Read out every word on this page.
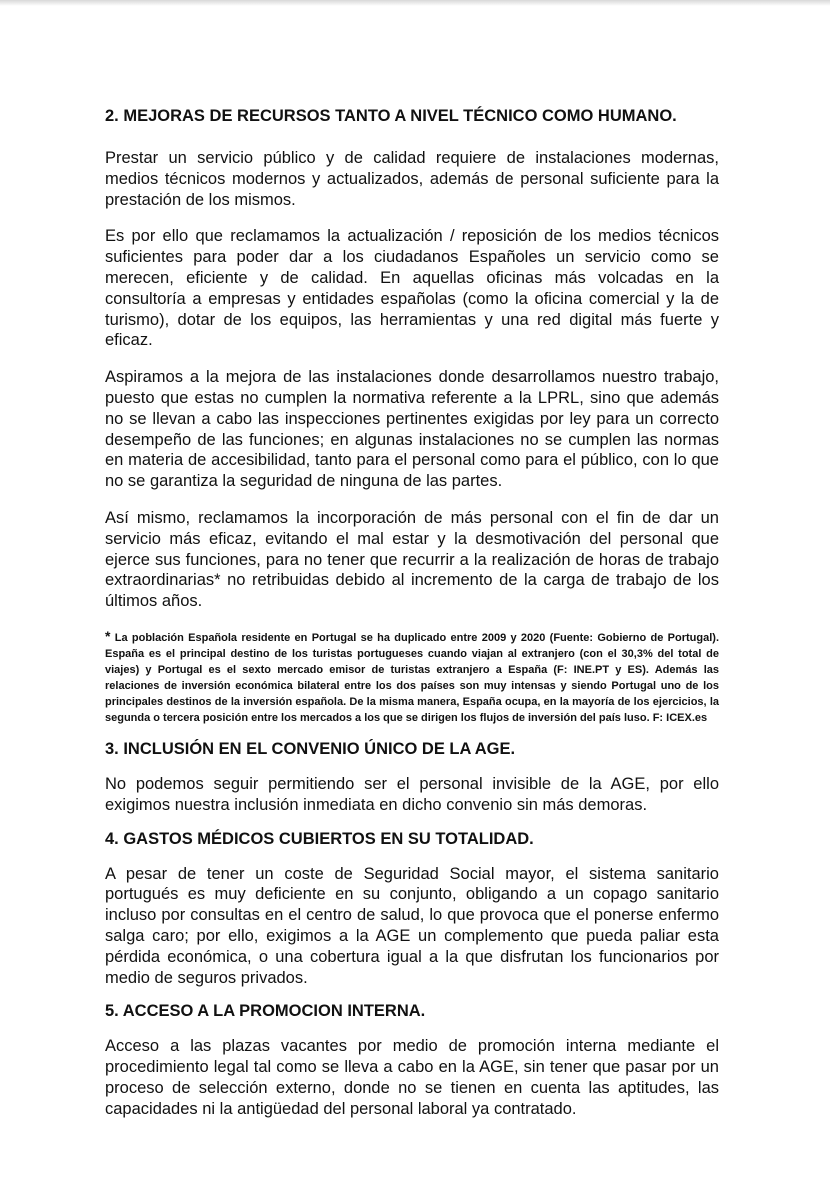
2. MEJORAS DE RECURSOS TANTO A NIVEL TÉCNICO COMO HUMANO.

Prestar un servicio público y de calidad requiere de instalaciones modernas, medios técnicos modernos y actualizados, además de personal suficiente para la prestación de los mismos.

Es por ello que reclamamos la actualización / reposición de los medios técnicos suficientes para poder dar a los ciudadanos Españoles un servicio como se merecen, eficiente y de calidad. En aquellas oficinas más volcadas en la consultoría a empresas y entidades españolas (como la oficina comercial y la de turismo), dotar de los equipos, las herramientas y una red digital más fuerte y eficaz.

Aspiramos a la mejora de las instalaciones donde desarrollamos nuestro trabajo, puesto que estas no cumplen la normativa referente a la LPRL, sino que además no se llevan a cabo las inspecciones pertinentes exigidas por ley para un correcto desempeño de las funciones; en algunas instalaciones no se cumplen las normas en materia de accesibilidad, tanto para el personal como para el público, con lo que no se garantiza la seguridad de ninguna de las partes.

Así mismo, reclamamos la incorporación de más personal con el fin de dar un servicio más eficaz, evitando el mal estar y la desmotivación del personal que ejerce sus funciones, para no tener que recurrir a la realización de horas de trabajo extraordinarias* no retribuidas debido al incremento de la carga de trabajo de los últimos años.

* La población Española residente en Portugal se ha duplicado entre 2009 y 2020 (Fuente: Gobierno de Portugal). España es el principal destino de los turistas portugueses cuando viajan al extranjero (con el 30,3% del total de viajes) y Portugal es el sexto mercado emisor de turistas extranjero a España (F: INE.PT y ES). Además las relaciones de inversión económica bilateral entre los dos países son muy intensas y siendo Portugal uno de los principales destinos de la inversión española. De la misma manera, España ocupa, en la mayoría de los ejercicios, la segunda o tercera posición entre los mercados a los que se dirigen los flujos de inversión del país luso. F: ICEX.es

3. INCLUSIÓN EN EL CONVENIO ÚNICO DE LA AGE.

No podemos seguir permitiendo ser el personal invisible de la AGE, por ello exigimos nuestra inclusión inmediata en dicho convenio sin más demoras.

4. GASTOS MÉDICOS CUBIERTOS EN SU TOTALIDAD.

A pesar de tener un coste de Seguridad Social mayor, el sistema sanitario portugués es muy deficiente en su conjunto, obligando a un copago sanitario incluso por consultas en el centro de salud, lo que provoca que el ponerse enfermo salga caro; por ello, exigimos a la AGE un complemento que pueda paliar esta pérdida económica, o una cobertura igual a la que disfrutan los funcionarios por medio de seguros privados.

5. ACCESO A LA PROMOCION INTERNA.

Acceso a las plazas vacantes por medio de promoción interna mediante el procedimiento legal tal como se lleva a cabo en la AGE, sin tener que pasar por un proceso de selección externo, donde no se tienen en cuenta las aptitudes, las capacidades ni la antigüedad del personal laboral ya contratado.
